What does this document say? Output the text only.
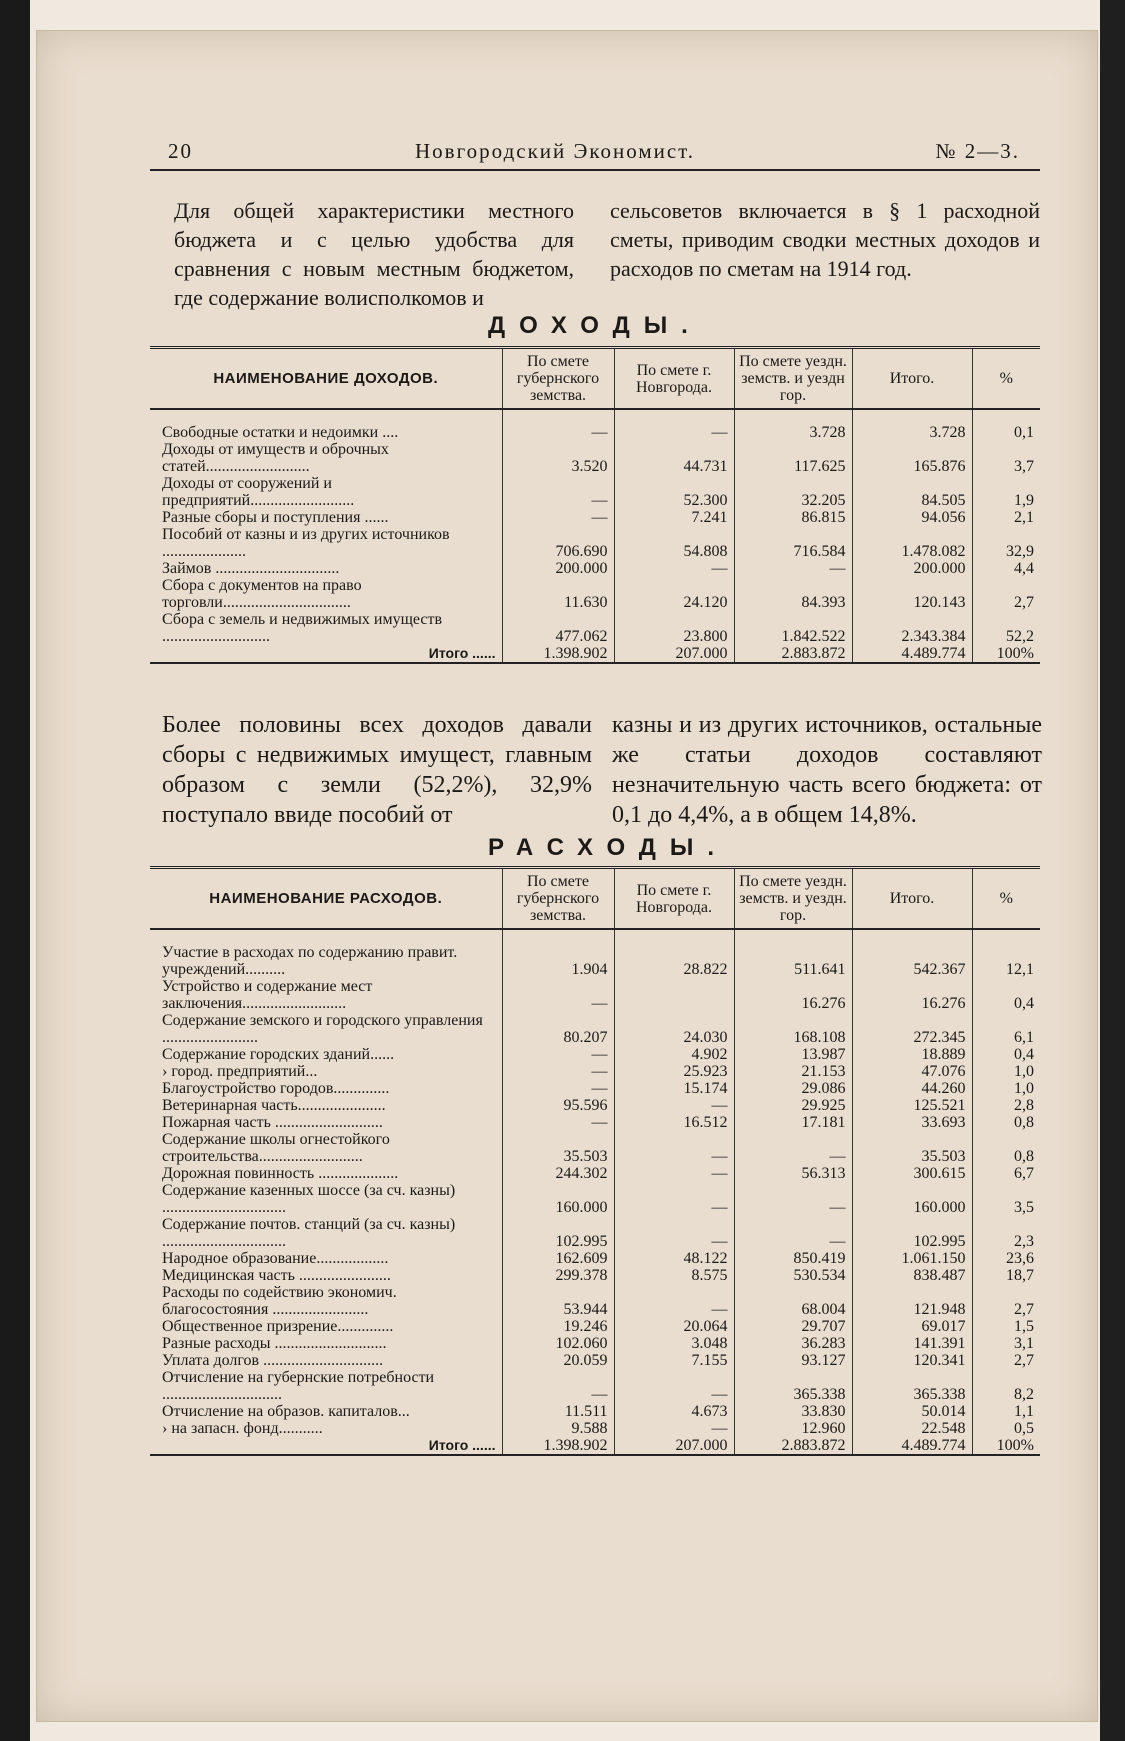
20	Новгородский Экономист.	№ 2—3.
Для общей характеристики местного бюджета и с целью удобства для сравнения с новым местным бюджетом, где содержание волисполкомов и
сельсоветов включается в § 1 расходной сметы, приводим сводки местных доходов и расходов по сметам на 1914 год.
ДОХОДЫ.
НАИМЕНОВАНИЕ ДОХОДОВ.	По смете губернского земства.	По смете г. Новгорода.	По смете уездн. земств. и уездн гор.	Итого.	%

Свободные остатки и недоимки ....	—	—	3.728	3.728	0,1
Доходы от имуществ и оброчных статей..........................	3.520	44.731	117.625	165.876	3,7
Доходы от сооружений и предприятий..........................	—	52.300	32.205	84.505	1,9
Разные сборы и поступления ......	—	7.241	86.815	94.056	2,1
Пособий от казны и из других источников .....................	706.690	54.808	716.584	1.478.082	32,9
Займов ...............................	200.000	—	—	200.000	4,4
Сбора с документов на право торговли................................	11.630	24.120	84.393	120.143	2,7
Сбора с земель и недвижимых имуществ ...........................	477.062	23.800	1.842.522	2.343.384	52,2
Итого ......	1.398.902	207.000	2.883.872	4.489.774	100%
Более половины всех доходов давали сборы с недвижимых имущест, главным образом с земли (52,2%), 32,9% поступало ввиде пособий от
казны и из других источников, остальные же статьи доходов составляют незначительную часть всего бюджета: от 0,1 до 4,4%, а в общем 14,8%.
РАСХОДЫ.
НАИМЕНОВАНИЕ РАСХОДОВ.	По смете губернского земства.	По смете г. Новгорода.	По смете уездн. земств. и уездн. гор.	Итого.	%

Участие в расходах по содержанию правит. учреждений..........	1.904	28.822	511.641	542.367	12,1
Устройство и содержание мест заключения..........................	—		16.276	16.276	0,4
Содержание земского и городского управления ........................	80.207	24.030	168.108	272.345	6,1
Содержание городских зданий......	—	4.902	13.987	18.889	0,4
› город. предприятий...	—	25.923	21.153	47.076	1,0
Благоустройство городов..............	—	15.174	29.086	44.260	1,0
Ветеринарная часть......................	95.596	—	29.925	125.521	2,8
Пожарная часть ...........................	—	16.512	17.181	33.693	0,8
Содержание школы огнестойкого строительства..........................	35.503	—	—	35.503	0,8
Дорожная повинность ....................	244.302	—	56.313	300.615	6,7
Содержание казенных шоссе (за сч. казны) ...............................	160.000	—	—	160.000	3,5
Содержание почтов. станций (за сч. казны) ...............................	102.995	—	—	102.995	2,3
Народное образование..................	162.609	48.122	850.419	1.061.150	23,6
Медицинская часть .......................	299.378	8.575	530.534	838.487	18,7
Расходы по содействию экономич. благосостояния ........................	53.944	—	68.004	121.948	2,7
Общественное призрение..............	19.246	20.064	29.707	69.017	1,5
Разные расходы ............................	102.060	3.048	36.283	141.391	3,1
Уплата долгов ..............................	20.059	7.155	93.127	120.341	2,7
Отчисление на губернские потребности ..............................	—	—	365.338	365.338	8,2
Отчисление на образов. капиталов...	11.511	4.673	33.830	50.014	1,1
› на запасн. фонд...........	9.588	—	12.960	22.548	0,5
Итого ......	1.398.902	207.000	2.883.872	4.489.774	100%
